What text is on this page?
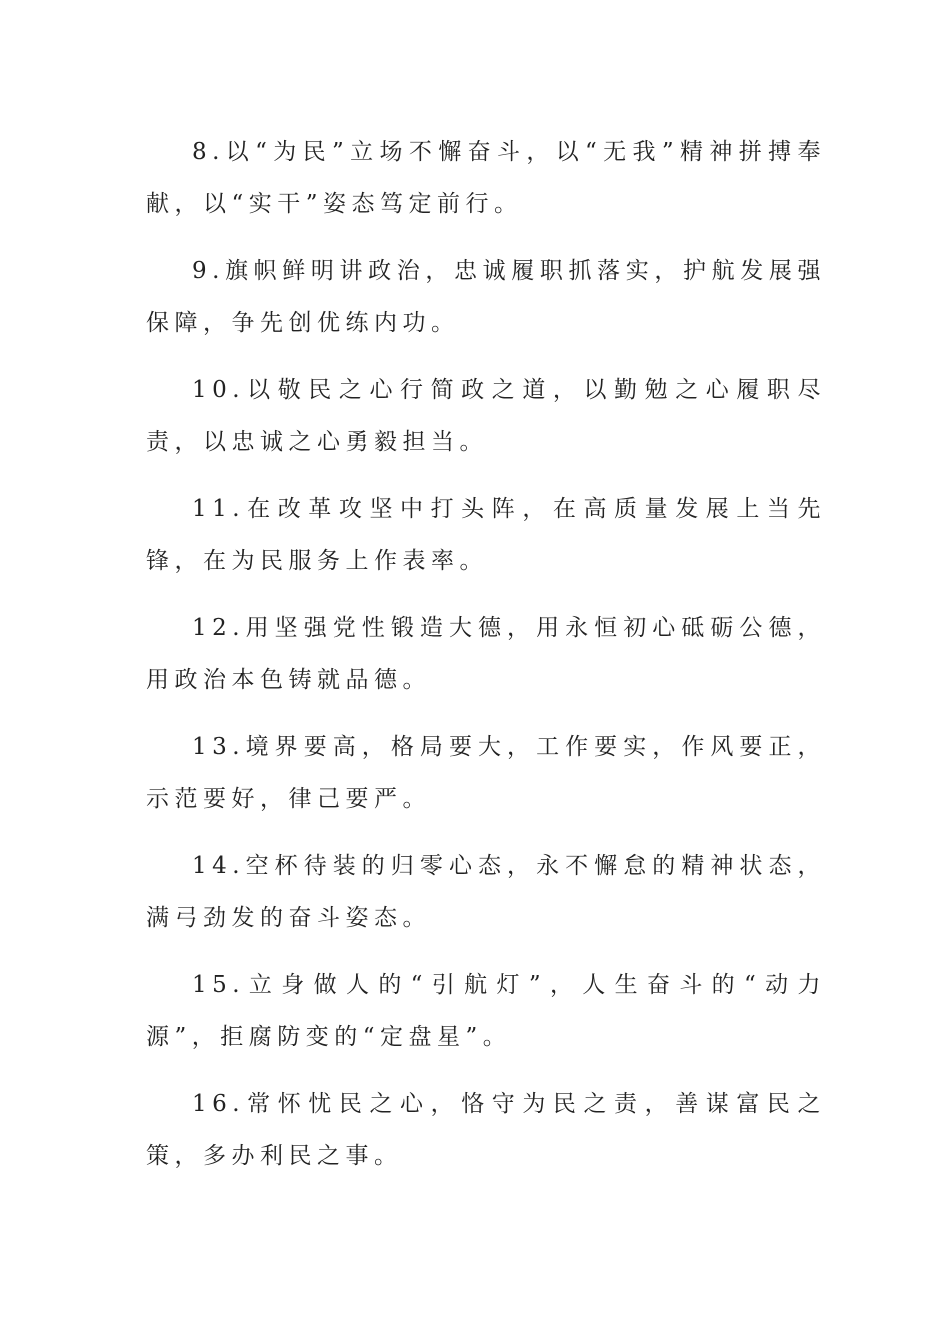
8.以“为民”立场不懈奋斗，以“无我”精神拼搏奉献，以“实干”姿态笃定前行。

9.旗帜鲜明讲政治，忠诚履职抓落实，护航发展强保障，争先创优练内功。

10.以敬民之心行简政之道，以勤勉之心履职尽责，以忠诚之心勇毅担当。

11.在改革攻坚中打头阵，在高质量发展上当先锋，在为民服务上作表率。

12.用坚强党性锻造大德，用永恒初心砥砺公德，用政治本色铸就品德。

13.境界要高，格局要大，工作要实，作风要正，示范要好，律己要严。

14.空杯待装的归零心态，永不懈怠的精神状态，满弓劲发的奋斗姿态。

15.立身做人的“引航灯”，人生奋斗的“动力源”，拒腐防变的“定盘星”。

16.常怀忧民之心，恪守为民之责，善谋富民之策，多办利民之事。
